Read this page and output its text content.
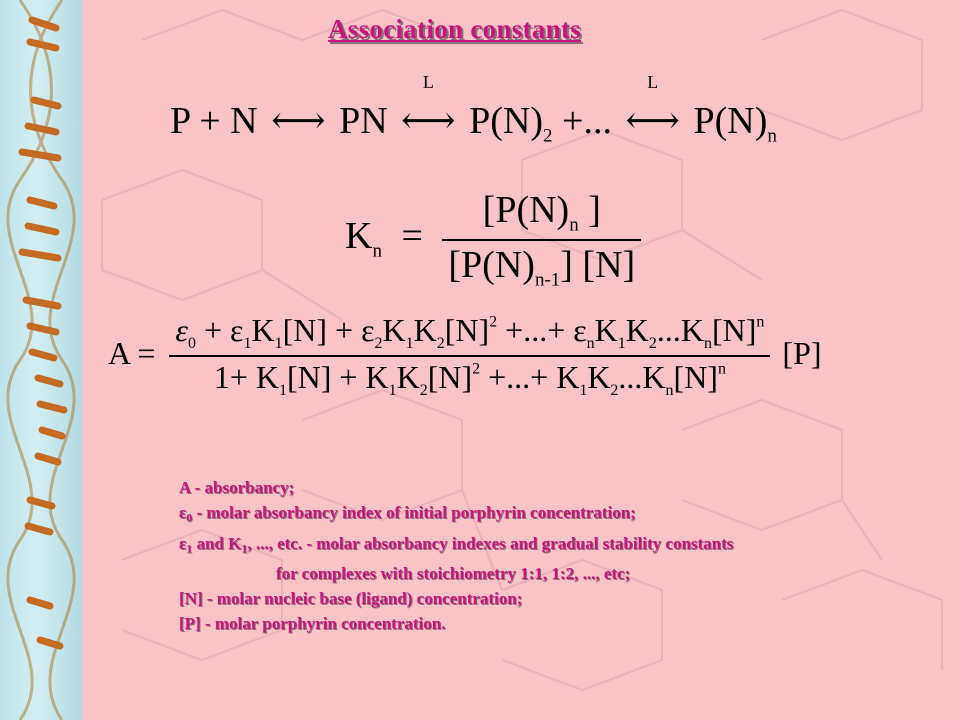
Association constants
P + N ⟷ PN ⟷
L
$P(N)_2$ +... ⟷
L
$P(N)_n$
$K_n = \frac{[P(N)_n ]}{[P(N)_{n-1}] [N]}$
$A = \frac{\varepsilon_0 + \varepsilon_1K_1[N] + \varepsilon_2K_1K_2[N]^2 +...+ \varepsilon_nK_1K_2...K_n[N]^n}{1+ K_1[N] + K_1K_2[N]^2 +...+ K_1K_2...K_n[N]^n} [P]$
A - absorbancy;
$\varepsilon_0$ - molar absorbancy index of initial porphyrin concentration;
$\varepsilon_1$ and $K_1$, ..., etc. - molar absorbancy indexes and gradual stability constants
for complexes with stoichiometry 1:1, 1:2, ..., etc;
[N] - molar nucleic base (ligand) concentration;
[P] - molar porphyrin concentration.
